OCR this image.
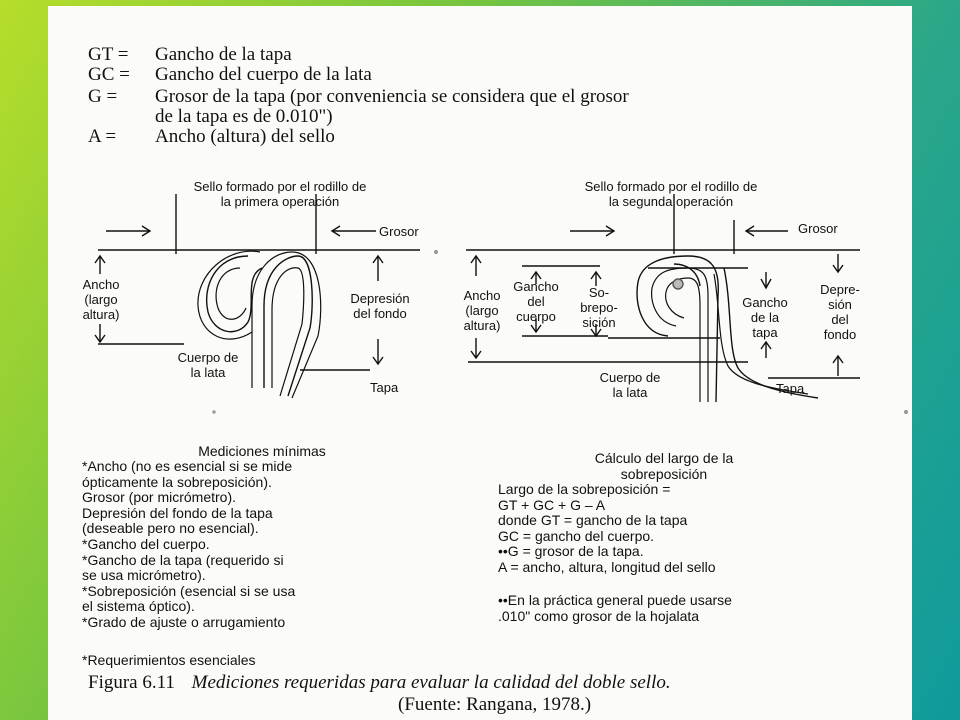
GT = Gancho de la tapa
GC = Gancho del cuerpo de la lata
G = Grosor de la tapa (por conveniencia se considera que el grosor
de la tapa es de 0.010")
A = Ancho (altura) del sello
Sello formado por el rodillo de
la primera operación
Grosor
Ancho
(largo
altura)
Depresión
del fondo
Cuerpo de
la lata
Tapa
Sello formado por el rodillo de
la segunda operación
Grosor
Ancho
(largo
altura)
Gancho
del
cuerpo
So-
brepo-
sición
Gancho
de la
tapa
Depre-
sión
del
fondo
Cuerpo de
la lata	Tapa
Mediciones mínimas
*Ancho (no es esencial si se mide
ópticamente la sobreposición).
Grosor (por micrómetro).
Depresión del fondo de la tapa
(deseable pero no esencial).
*Gancho del cuerpo.
*Gancho de la tapa (requerido si
se usa micrómetro).
*Sobreposición (esencial si se usa
el sistema óptico).
*Grado de ajuste o arrugamiento
*Requerimientos esenciales
Cálculo del largo de la
sobreposición
Largo de la sobreposición =
GT + GC + G – A
donde GT = gancho de la tapa
GC = gancho del cuerpo.
••G = grosor de la tapa.
A = ancho, altura, longitud del sello
••En la práctica general puede usarse
.010" como grosor de la hojalata
Figura 6.11 Mediciones requeridas para evaluar la calidad del doble sello.
(Fuente: Rangana, 1978.)
